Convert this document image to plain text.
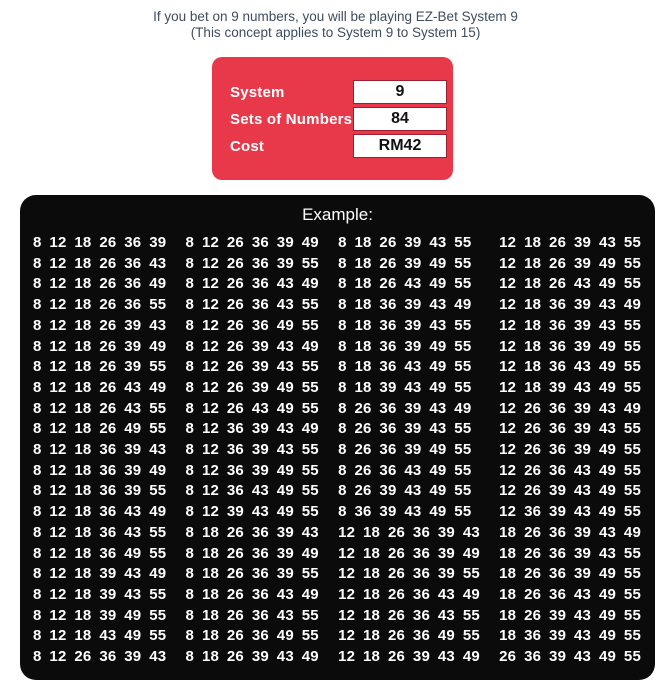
If you bet on 9 numbers, you will be playing EZ-Bet System 9
(This concept applies to System 9 to System 15)
System	9
Sets of Numbers 84
Cost	RM42
Example:
8 12 18 26 36 39
8 12 18 26 36 43
8 12 18 26 36 49
8 12 18 26 36 55
8 12 18 26 39 43
8 12 18 26 39 49
8 12 18 26 39 55
8 12 18 26 43 49
8 12 18 26 43 55
8 12 18 26 49 55
8 12 18 36 39 43
8 12 18 36 39 49
8 12 18 36 39 55
8 12 18 36 43 49
8 12 18 36 43 55
8 12 18 36 49 55
8 12 18 39 43 49
8 12 18 39 43 55
8 12 18 39 49 55
8 12 18 43 49 55
8 12 26 36 39 43
8 12 26 36 39 49
8 12 26 36 39 55
8 12 26 36 43 49
8 12 26 36 43 55
8 12 26 36 49 55
8 12 26 39 43 49
8 12 26 39 43 55
8 12 26 39 49 55
8 12 26 43 49 55
8 12 36 39 43 49
8 12 36 39 43 55
8 12 36 39 49 55
8 12 36 43 49 55
8 12 39 43 49 55
8 18 26 36 39 43
8 18 26 36 39 49
8 18 26 36 39 55
8 18 26 36 43 49
8 18 26 36 43 55
8 18 26 36 49 55
8 18 26 39 43 49
8 18 26 39 43 55
8 18 26 39 49 55
8 18 26 43 49 55
8 18 36 39 43 49
8 18 36 39 43 55
8 18 36 39 49 55
8 18 36 43 49 55
8 18 39 43 49 55
8 26 36 39 43 49
8 26 36 39 43 55
8 26 36 39 49 55
8 26 36 43 49 55
8 26 39 43 49 55
8 36 39 43 49 55
12 18 26 36 39 43
12 18 26 36 39 49
12 18 26 36 39 55
12 18 26 36 43 49
12 18 26 36 43 55
12 18 26 36 49 55
12 18 26 39 43 49
12 18 26 39 43 55
12 18 26 39 49 55
12 18 26 43 49 55
12 18 36 39 43 49
12 18 36 39 43 55
12 18 36 39 49 55
12 18 36 43 49 55
12 18 39 43 49 55
12 26 36 39 43 49
12 26 36 39 43 55
12 26 36 39 49 55
12 26 36 43 49 55
12 26 39 43 49 55
12 36 39 43 49 55
18 26 36 39 43 49
18 26 36 39 43 55
18 26 36 39 49 55
18 26 36 43 49 55
18 26 39 43 49 55
18 36 39 43 49 55
26 36 39 43 49 55
